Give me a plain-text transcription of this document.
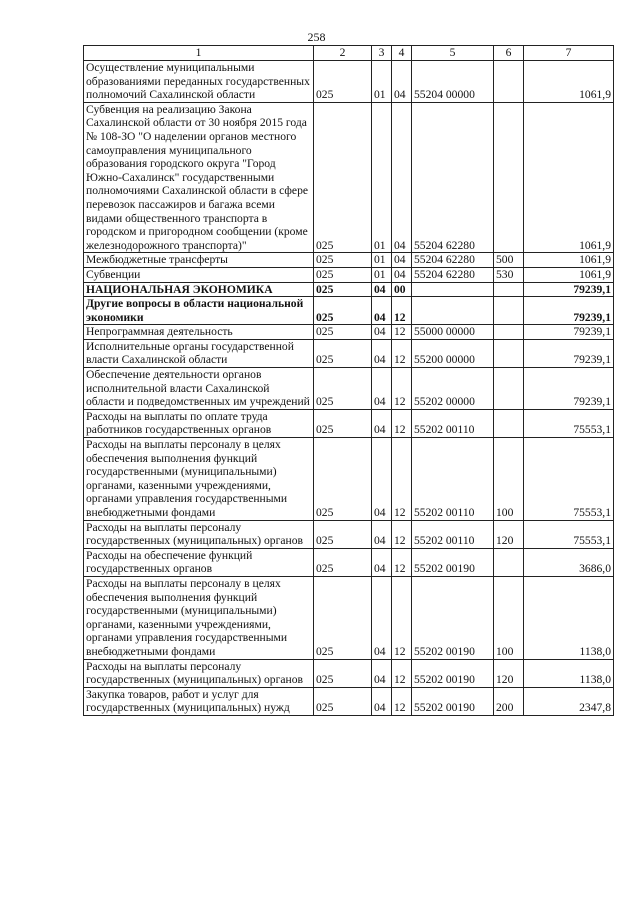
258
1	2	3	4	5	6	7
Осуществление муниципальными образованиями переданных государственных полномочий Сахалинской области	025	01	04	55204 00000		1061,9
Субвенция на реализацию Закона Сахалинской области от 30 ноября 2015 года № 108-ЗО "О наделении органов местного самоуправления муниципального образования городского округа "Город Южно-Сахалинск" государственными полномочиями Сахалинской области в сфере перевозок пассажиров и багажа всеми видами общественного транспорта в городском и пригородном сообщении (кроме железнодорожного транспорта)"	025	01	04	55204 62280		1061,9
Межбюджетные трансферты	025	01	04	55204 62280	500	1061,9
Субвенции	025	01	04	55204 62280	530	1061,9
НАЦИОНАЛЬНАЯ ЭКОНОМИКА	025	04	00			79239,1
Другие вопросы в области национальной экономики	025	04	12			79239,1
Непрограммная деятельность	025	04	12	55000 00000		79239,1
Исполнительные органы государственной власти Сахалинской области	025	04	12	55200 00000		79239,1
Обеспечение деятельности органов исполнительной власти Сахалинской области и подведомственных им учреждений	025	04	12	55202 00000		79239,1
Расходы на выплаты по оплате труда работников государственных органов	025	04	12	55202 00110		75553,1
Расходы на выплаты персоналу в целях обеспечения выполнения функций государственными (муниципальными) органами, казенными учреждениями, органами управления государственными внебюджетными фондами	025	04	12	55202 00110	100	75553,1
Расходы на выплаты персоналу государственных (муниципальных) органов	025	04	12	55202 00110	120	75553,1
Расходы на обеспечение функций государственных органов	025	04	12	55202 00190		3686,0
Расходы на выплаты персоналу в целях обеспечения выполнения функций государственными (муниципальными) органами, казенными учреждениями, органами управления государственными внебюджетными фондами	025	04	12	55202 00190	100	1138,0
Расходы на выплаты персоналу государственных (муниципальных) органов	025	04	12	55202 00190	120	1138,0
Закупка товаров, работ и услуг для государственных (муниципальных) нужд	025	04	12	55202 00190	200	2347,8
